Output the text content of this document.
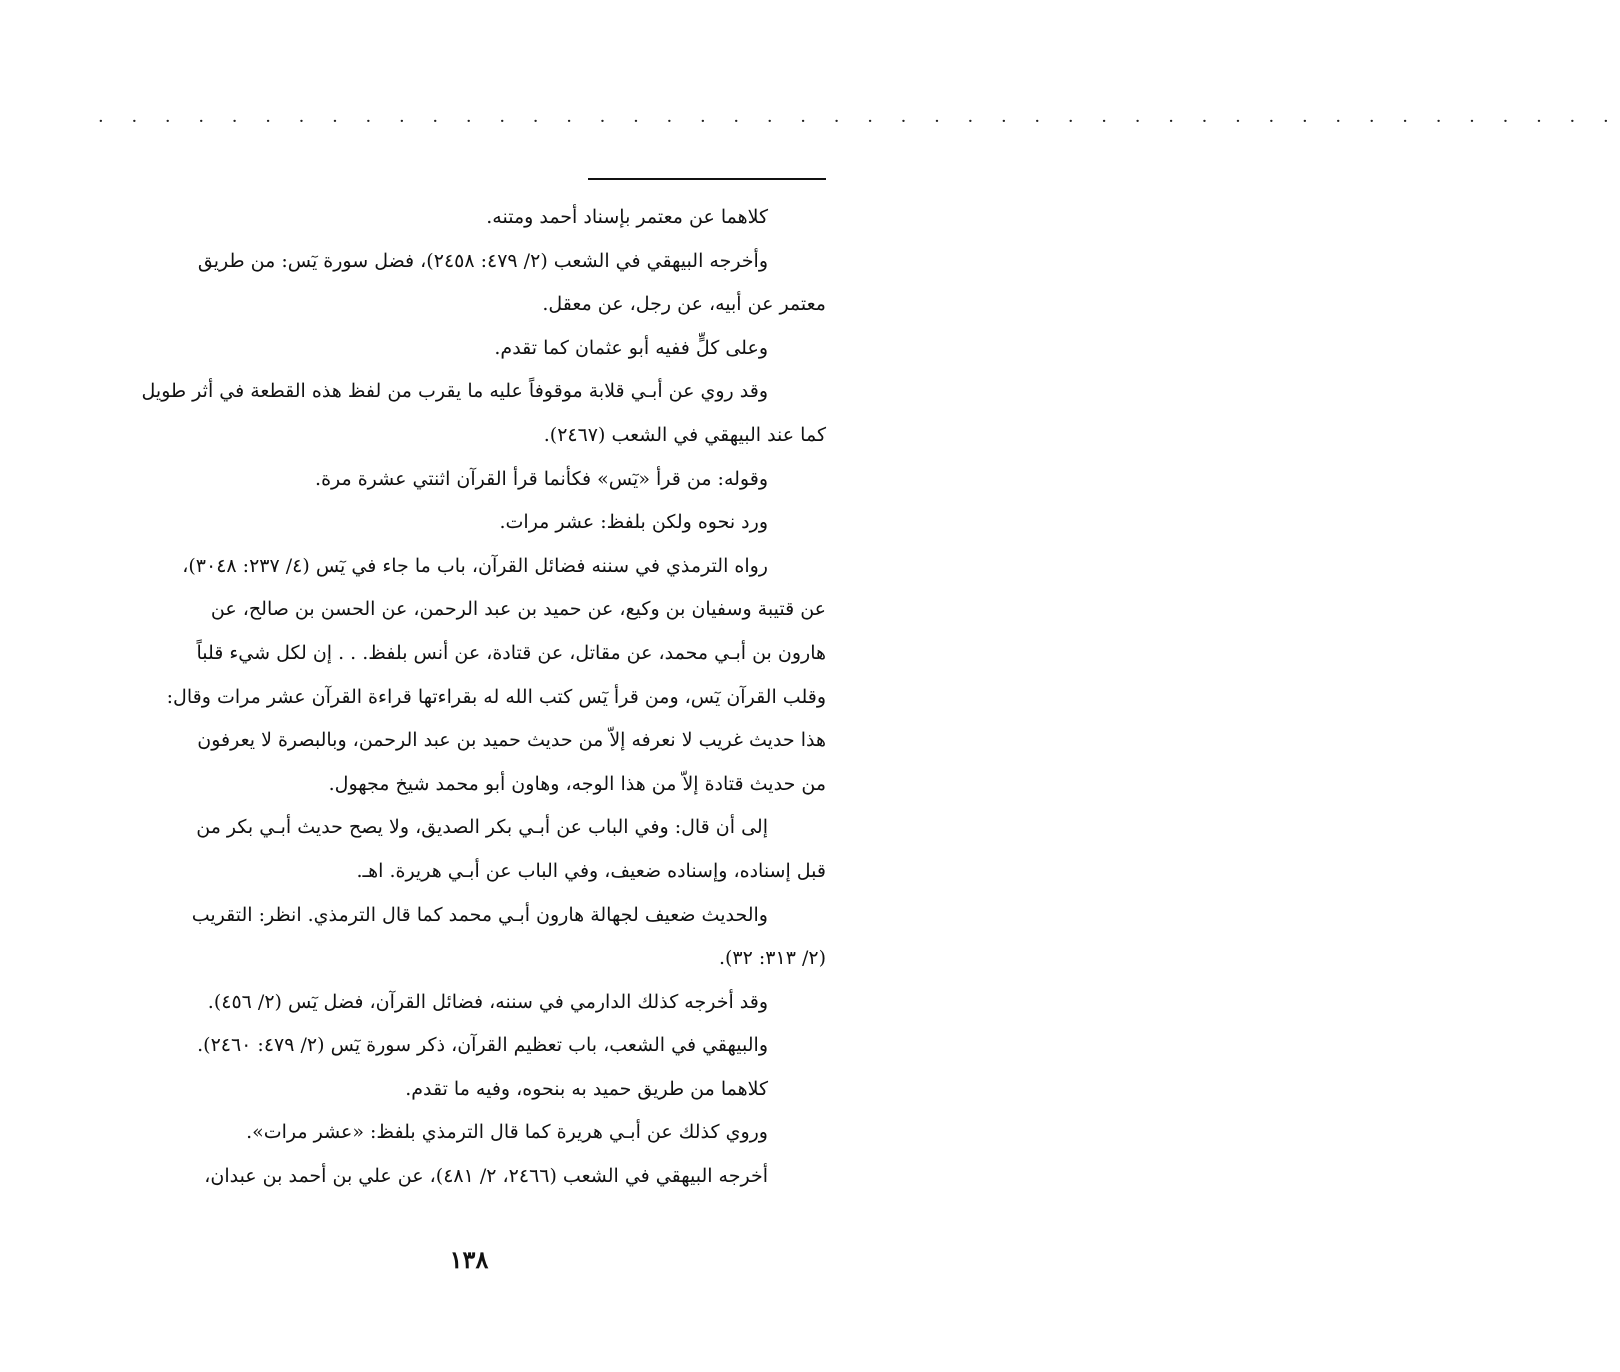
· · · · · · · · · · · · · · · · · · · · · · · · · · · · · · · · · · · · · · · · · · · · · ·
كلاهما عن معتمر بإسناد أحمد ومتنه.
وأخرجه البيهقي في الشعب (٢/ ٤٧٩: ٢٤٥٨)، فضل سورة يٓس: من طريق
معتمر عن أبيه، عن رجل، عن معقل.
وعلى كلٍّ ففيه أبو عثمان كما تقدم.
وقد روي عن أبـي قلابة موقوفاً عليه ما يقرب من لفظ هذه القطعة في أثر طويل
كما عند البيهقي في الشعب (٢٤٦٧).
وقوله: من قرأ «يٓس» فكأنما قرأ القرآن اثنتي عشرة مرة.
ورد نحوه ولكن بلفظ: عشر مرات.
رواه الترمذي في سننه فضائل القرآن، باب ما جاء في يٓس (٤/ ٢٣٧: ٣٠٤٨)،
عن قتيبة وسفيان بن وكيع، عن حميد بن عبد الرحمن، عن الحسن بن صالح، عن
هارون بن أبـي محمد، عن مقاتل، عن قتادة، عن أنس بلفظ. . . إن لكل شيء قلباً
وقلب القرآن يٓس، ومن قرأ يٓس كتب الله له بقراءتها قراءة القرآن عشر مرات وقال:
هذا حديث غريب لا نعرفه إلاّ من حديث حميد بن عبد الرحمن، وبالبصرة لا يعرفون
من حديث قتادة إلاّ من هذا الوجه، وهاون أبو محمد شيخ مجهول.
إلى أن قال: وفي الباب عن أبـي بكر الصديق، ولا يصح حديث أبـي بكر من
قبل إسناده، وإسناده ضعيف، وفي الباب عن أبـي هريرة. اهـ.
والحديث ضعيف لجهالة هارون أبـي محمد كما قال الترمذي. انظر: التقريب
(٢/ ٣١٣: ٣٢).
وقد أخرجه كذلك الدارمي في سننه، فضائل القرآن، فضل يٓس (٢/ ٤٥٦).
والبيهقي في الشعب، باب تعظيم القرآن، ذكر سورة يٓس (٢/ ٤٧٩: ٢٤٦٠).
كلاهما من طريق حميد به بنحوه، وفيه ما تقدم.
وروي كذلك عن أبـي هريرة كما قال الترمذي بلفظ: «عشر مرات».
أخرجه البيهقي في الشعب (٢٤٦٦، ٢/ ٤٨١)، عن علي بن أحمد بن عبدان،
١٣٨
